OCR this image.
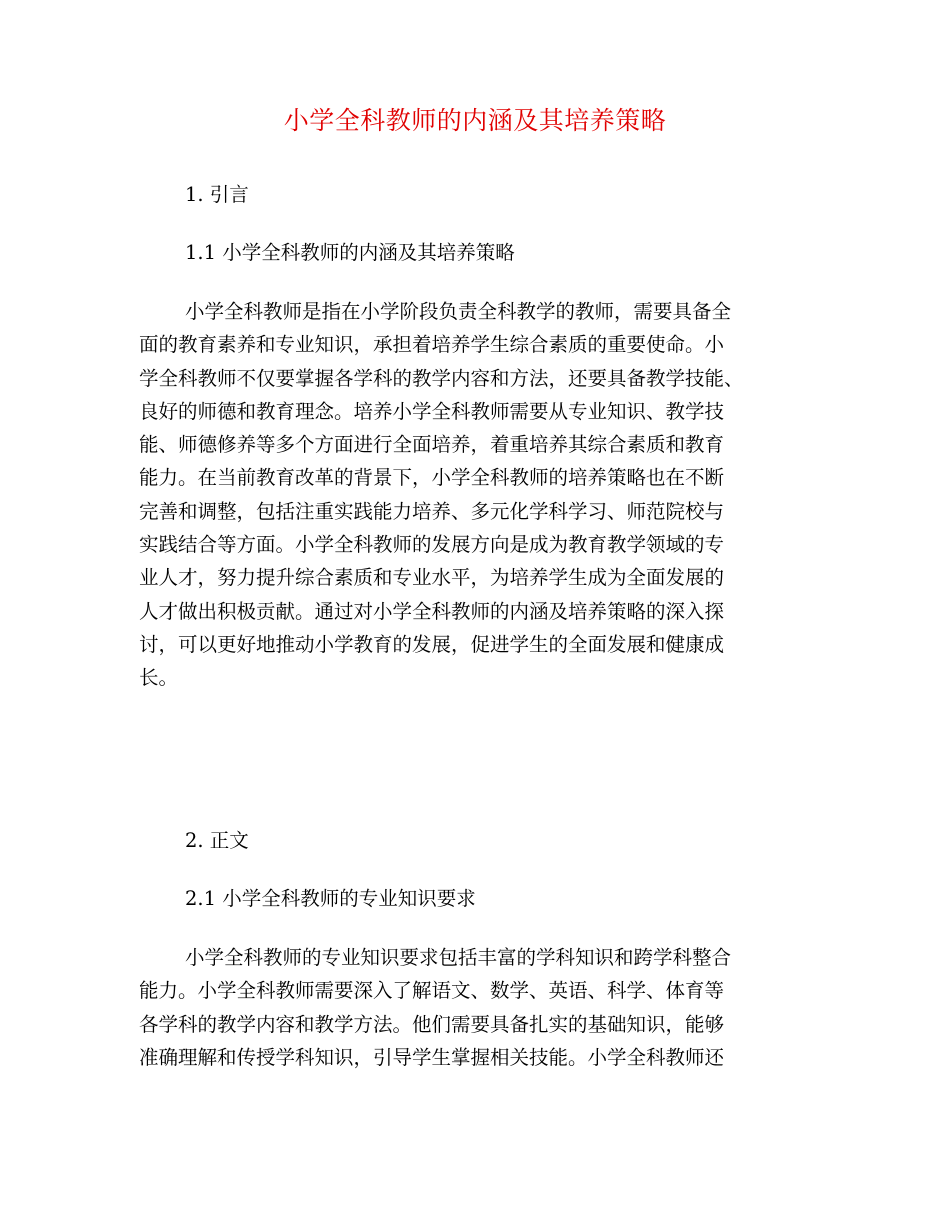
小学全科教师的内涵及其培养策略
1. 引言
1.1 小学全科教师的内涵及其培养策略
小学全科教师是指在小学阶段负责全科教学的教师，需要具备全
面的教育素养和专业知识，承担着培养学生综合素质的重要使命。小
学全科教师不仅要掌握各学科的教学内容和方法，还要具备教学技能、
良好的师德和教育理念。培养小学全科教师需要从专业知识、教学技
能、师德修养等多个方面进行全面培养，着重培养其综合素质和教育
能力。在当前教育改革的背景下，小学全科教师的培养策略也在不断
完善和调整，包括注重实践能力培养、多元化学科学习、师范院校与
实践结合等方面。小学全科教师的发展方向是成为教育教学领域的专
业人才，努力提升综合素质和专业水平，为培养学生成为全面发展的
人才做出积极贡献。通过对小学全科教师的内涵及培养策略的深入探
讨，可以更好地推动小学教育的发展，促进学生的全面发展和健康成
长。
2. 正文
2.1 小学全科教师的专业知识要求
小学全科教师的专业知识要求包括丰富的学科知识和跨学科整合
能力。小学全科教师需要深入了解语文、数学、英语、科学、体育等
各学科的教学内容和教学方法。他们需要具备扎实的基础知识，能够
准确理解和传授学科知识，引导学生掌握相关技能。小学全科教师还
